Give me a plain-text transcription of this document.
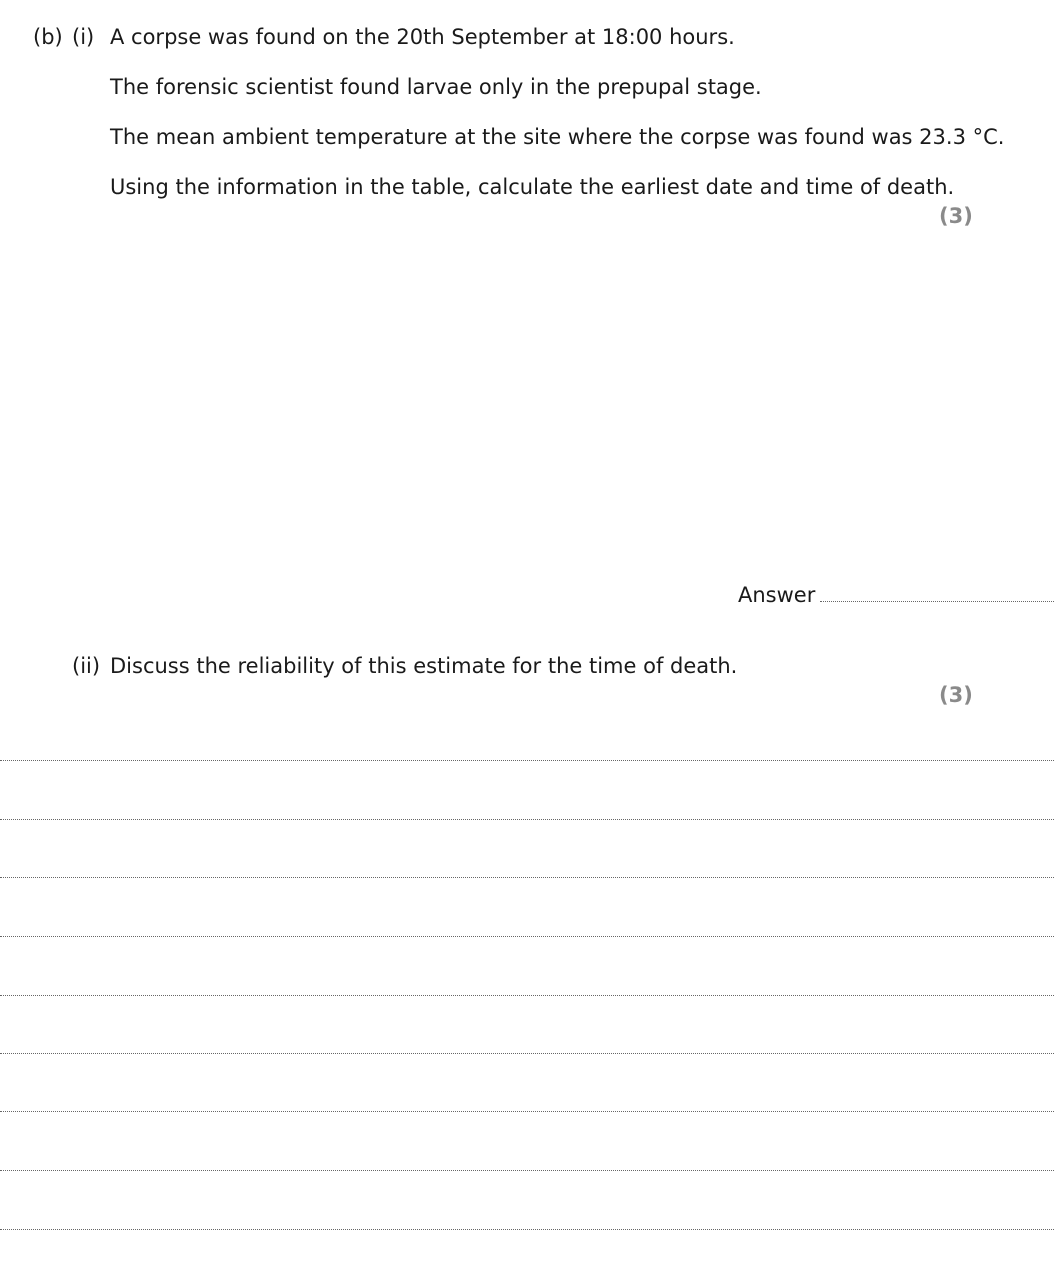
(b) (i) A corpse was found on the 20th September at 18:00 hours.
The forensic scientist found larvae only in the prepupal stage.
The mean ambient temperature at the site where the corpse was found was 23.3 °C.
Using the information in the table, calculate the earliest date and time of death.
(3)
Answer
(ii) Discuss the reliability of this estimate for the time of death.
(3)
